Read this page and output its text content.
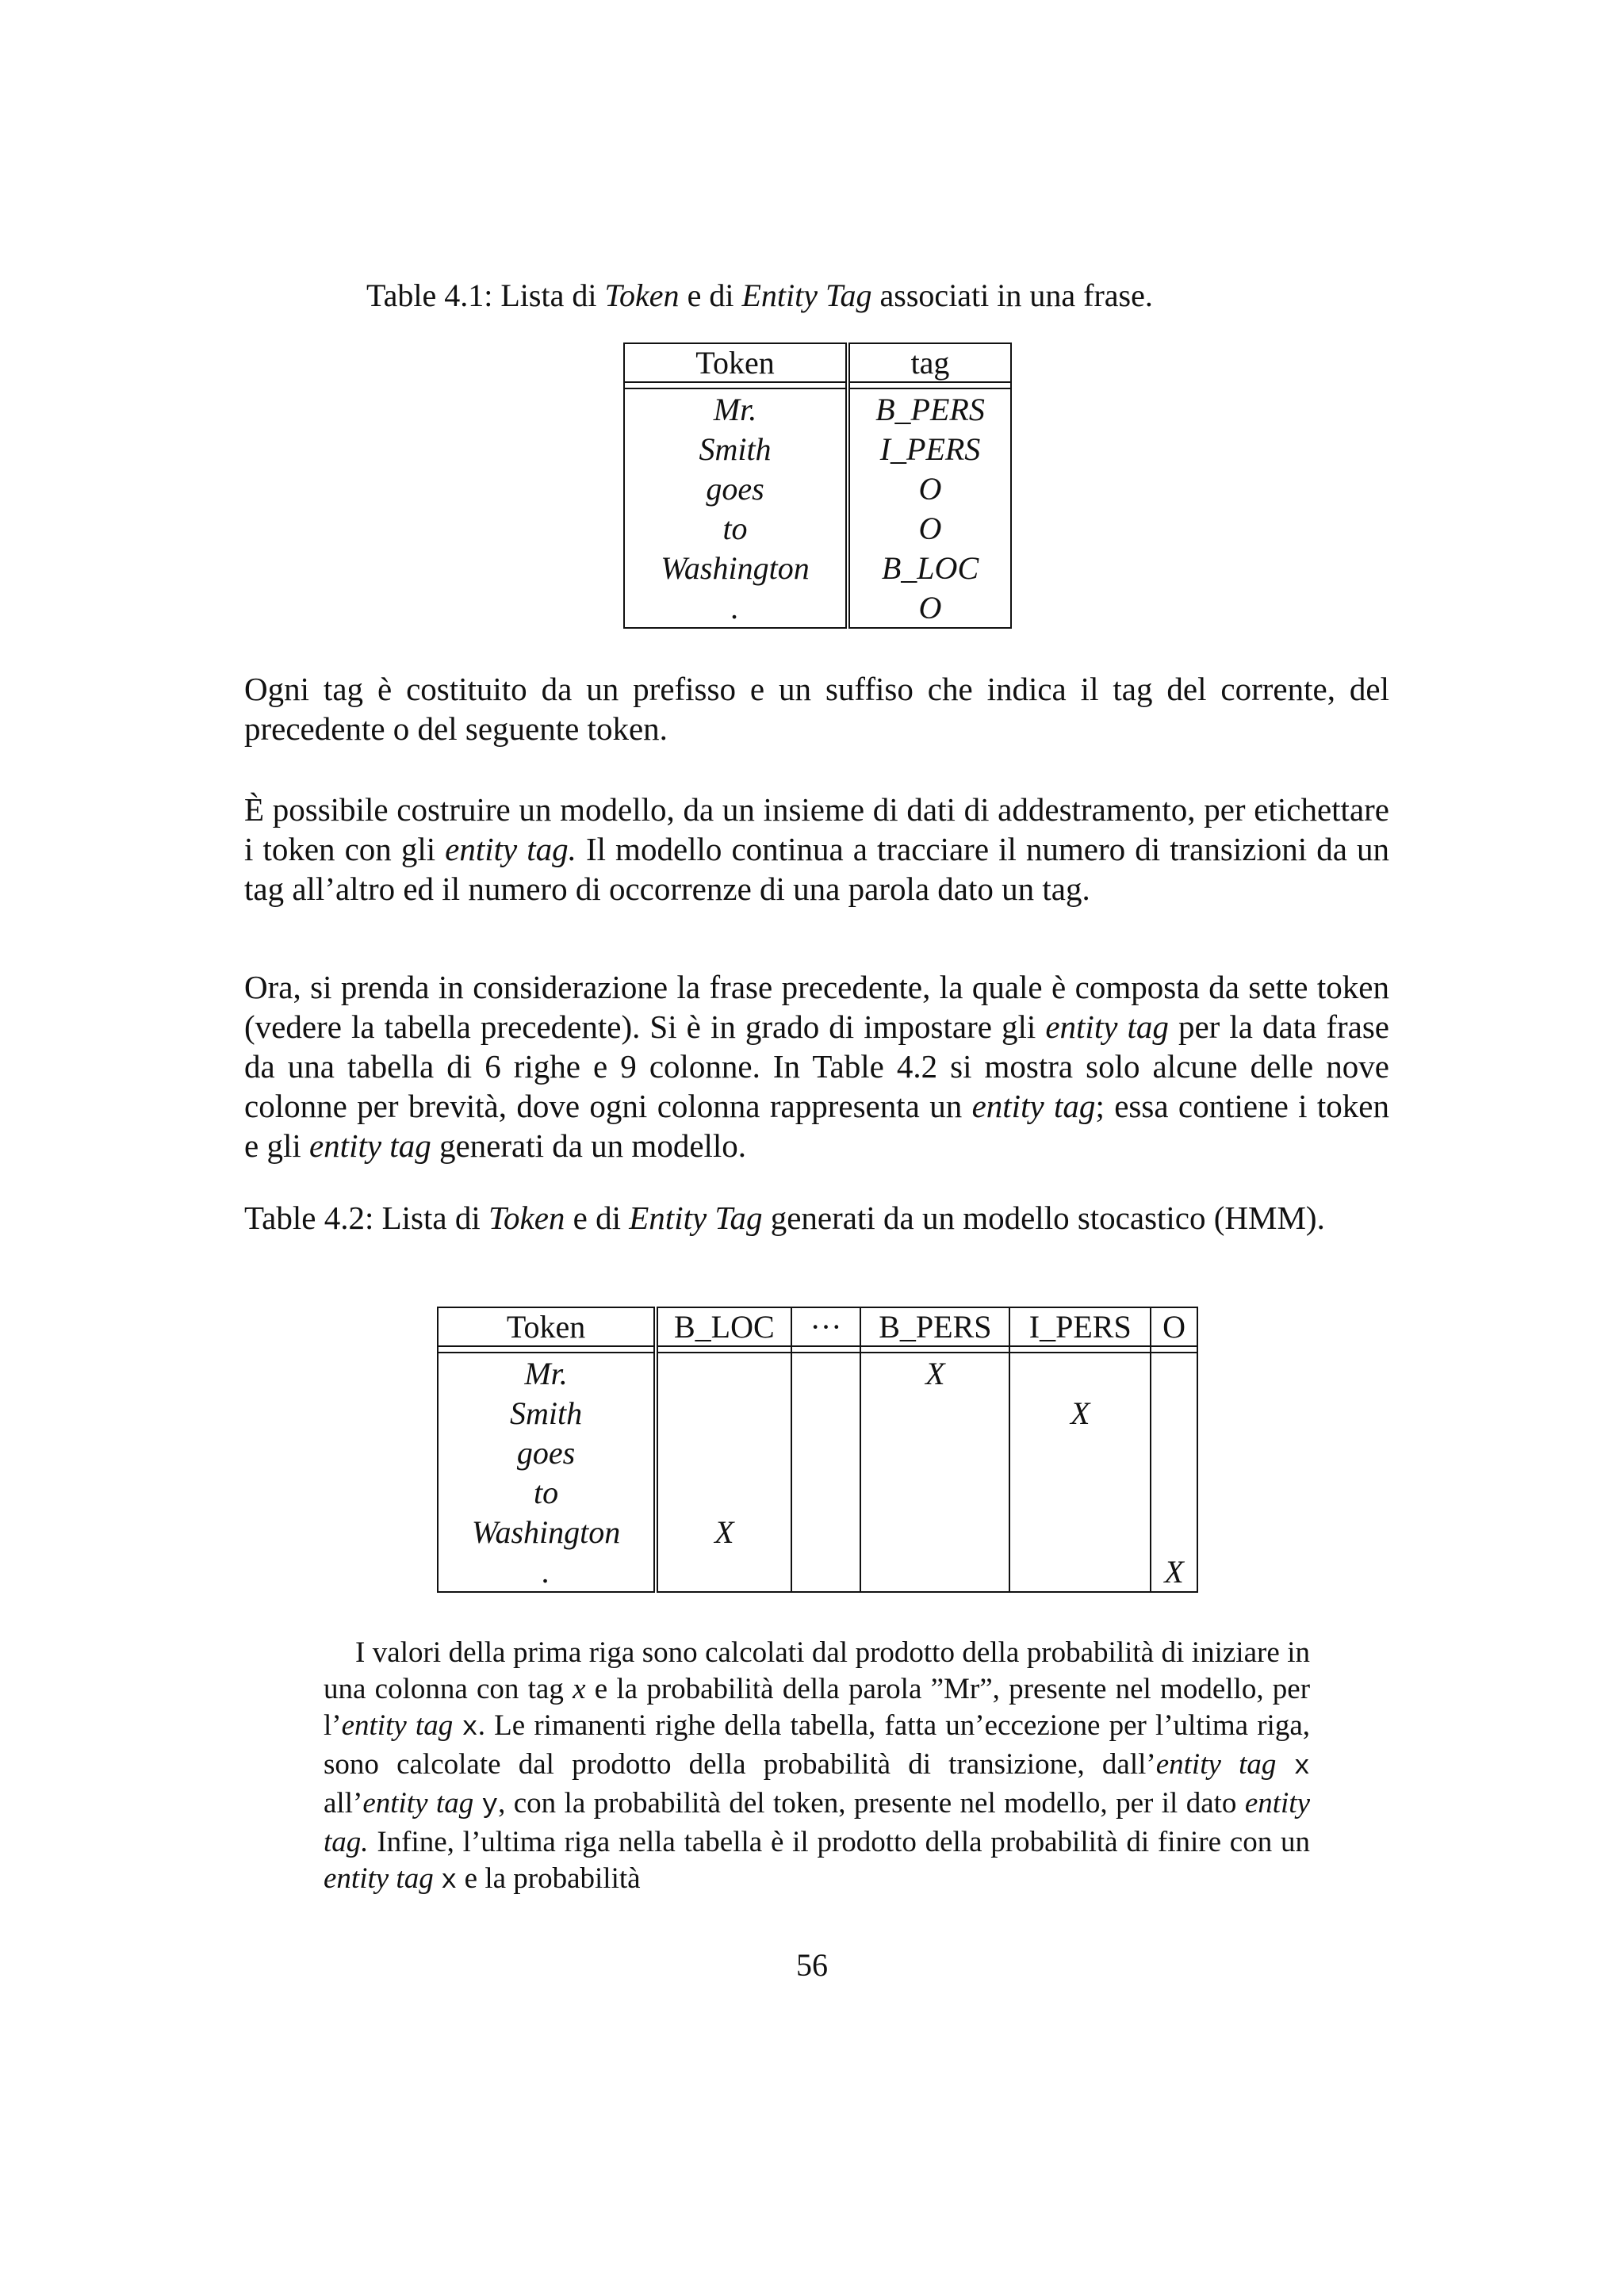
Table 4.1: Lista di Token e di Entity Tag associati in una frase.
Token	tag

Mr.	B_PERS
Smith	I_PERS
goes	O
to	O
Washington	B_LOC
.	O

Ogni tag è costituito da un prefisso e un suffiso che indica il tag del corrente, del precedente o del seguente token.

È possibile costruire un modello, da un insieme di dati di addestramento, per etichettare i token con gli entity tag. Il modello continua a tracciare il numero di transizioni da un tag all’altro ed il numero di occorrenze di una parola dato un tag.

Ora, si prenda in considerazione la frase precedente, la quale è composta da sette token (vedere la tabella precedente). Si è in grado di impostare gli entity tag per la data frase da una tabella di 6 righe e 9 colonne. In Table 4.2 si mostra solo alcune delle nove colonne per brevità, dove ogni colonna rappresenta un entity tag; essa contiene i token e gli entity tag generati da un modello.

Table 4.2: Lista di Token e di Entity Tag generati da un modello stocastico (HMM).

Token	B_LOC	···	B_PERS	I_PERS	O

Mr.			X		
Smith				X	
goes					
to					
Washington	X				
.					X

I valori della prima riga sono calcolati dal prodotto della probabilità di iniziare in una colonna con tag x e la probabilità della parola ”Mr”, presente nel modello, per l’entity tag x. Le rimanenti righe della tabella, fatta un’eccezione per l’ultima riga, sono calcolate dal prodotto della probabilità di transizione, dall’entity tag x all’entity tag y, con la probabilità del token, presente nel modello, per il dato entity tag. Infine, l’ultima riga nella tabella è il prodotto della probabilità di finire con un entity tag x e la probabilità

56
